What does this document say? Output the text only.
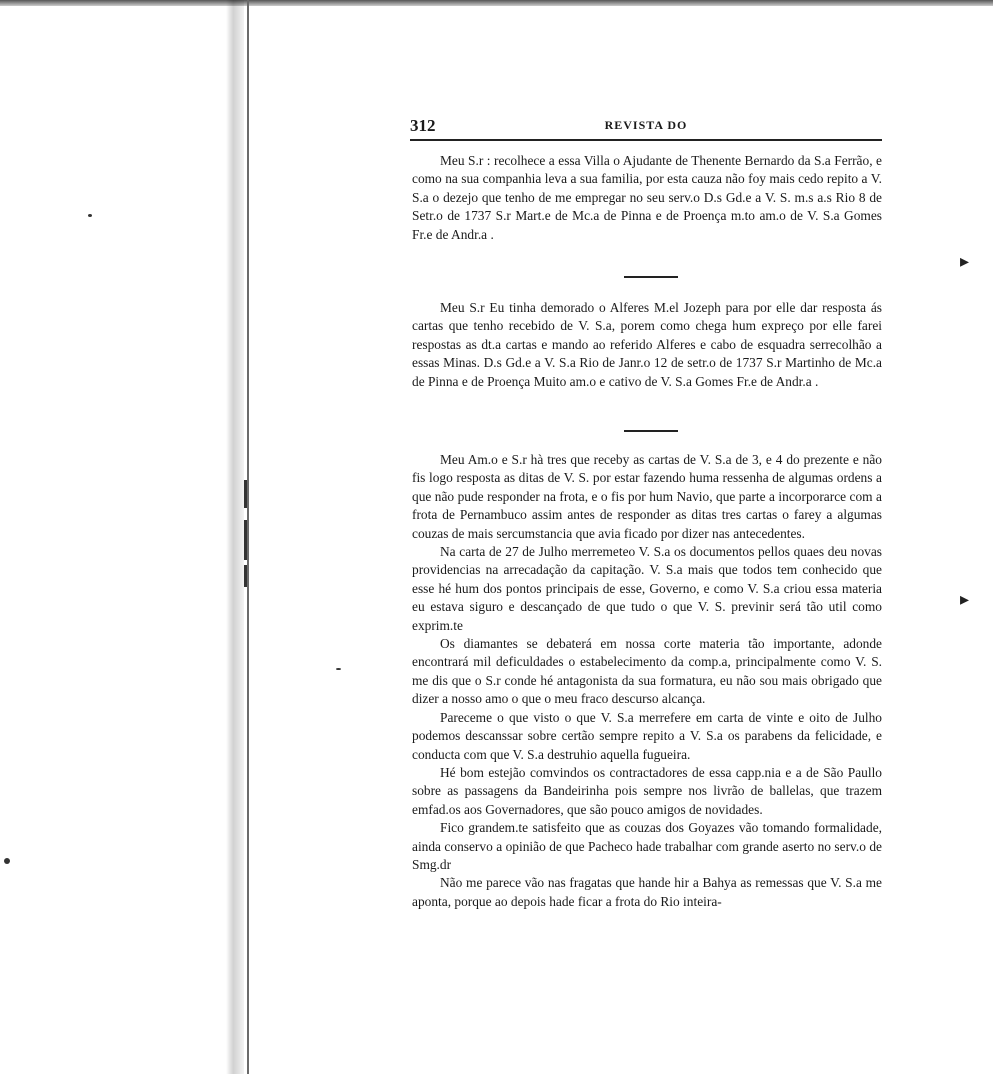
▸
▸
312	REVISTA DO

Meu S.r : recolhece a essa Villa o Ajudante de Thenente Bernardo da S.a Ferrão, e como na sua companhia leva a sua familia, por esta cauza não foy mais cedo repito a V. S.a o dezejo que tenho de me empregar no seu serv.o D.s Gd.e a V. S. m.s a.s Rio 8 de Setr.o de 1737 S.r Mart.e de Mc.a de Pinna e de Proença m.to am.o de V. S.a Gomes Fr.e de Andr.a .

Meu S.r Eu tinha demorado o Alferes M.el Jozeph para por elle dar resposta ás cartas que tenho recebido de V. S.a, porem como chega hum expreço por elle farei respostas as dt.a cartas e mando ao referido Alferes e cabo de esquadra serrecolhão a essas Minas. D.s Gd.e a V. S.a Rio de Janr.o 12 de setr.o de 1737 S.r Martinho de Mc.a de Pinna e de Proença Muito am.o e cativo de V. S.a Gomes Fr.e de Andr.a .

Meu Am.o e S.r hà tres que receby as cartas de V. S.a de 3, e 4 do prezente e não fis logo resposta as ditas de V. S. por estar fazendo huma ressenha de algumas ordens a que não pude responder na frota, e o fis por hum Navio, que parte a incorporarce com a frota de Pernambuco assim antes de responder as ditas tres cartas o farey a algumas couzas de mais sercumstancia que avia ficado por dizer nas antecedentes.

Na carta de 27 de Julho merremeteo V. S.a os documentos pellos quaes deu novas providencias na arrecadação da capitação. V. S.a mais que todos tem conhecido que esse hé hum dos pontos principais de esse, Governo, e como V. S.a criou essa materia eu estava siguro e descançado de que tudo o que V. S. previnir será tão util como exprim.te

Os diamantes se debaterá em nossa corte materia tão importante, adonde encontrará mil deficuldades o estabelecimento da comp.a, principalmente como V. S. me dis que o S.r conde hé antagonista da sua formatura, eu não sou mais obrigado que dizer a nosso amo o que o meu fraco descurso alcança.

Pareceme o que visto o que V. S.a merrefere em carta de vinte e oito de Julho podemos descanssar sobre certão sempre repito a V. S.a os parabens da felicidade, e conducta com que V. S.a destruhio aquella fugueira.

Hé bom estejão comvindos os contractadores de essa capp.nia e a de São Paullo sobre as passagens da Bandeirinha pois sempre nos livrão de ballelas, que trazem emfad.os aos Governadores, que são pouco amigos de novidades.

Fico grandem.te satisfeito que as couzas dos Goyazes vão tomando formalidade, ainda conservo a opinião de que Pacheco hade trabalhar com grande aserto no serv.o de Smg.dr

Não me parece vão nas fragatas que hande hir a Bahya as remessas que V. S.a me aponta, porque ao depois hade ficar a frota do Rio inteira-
